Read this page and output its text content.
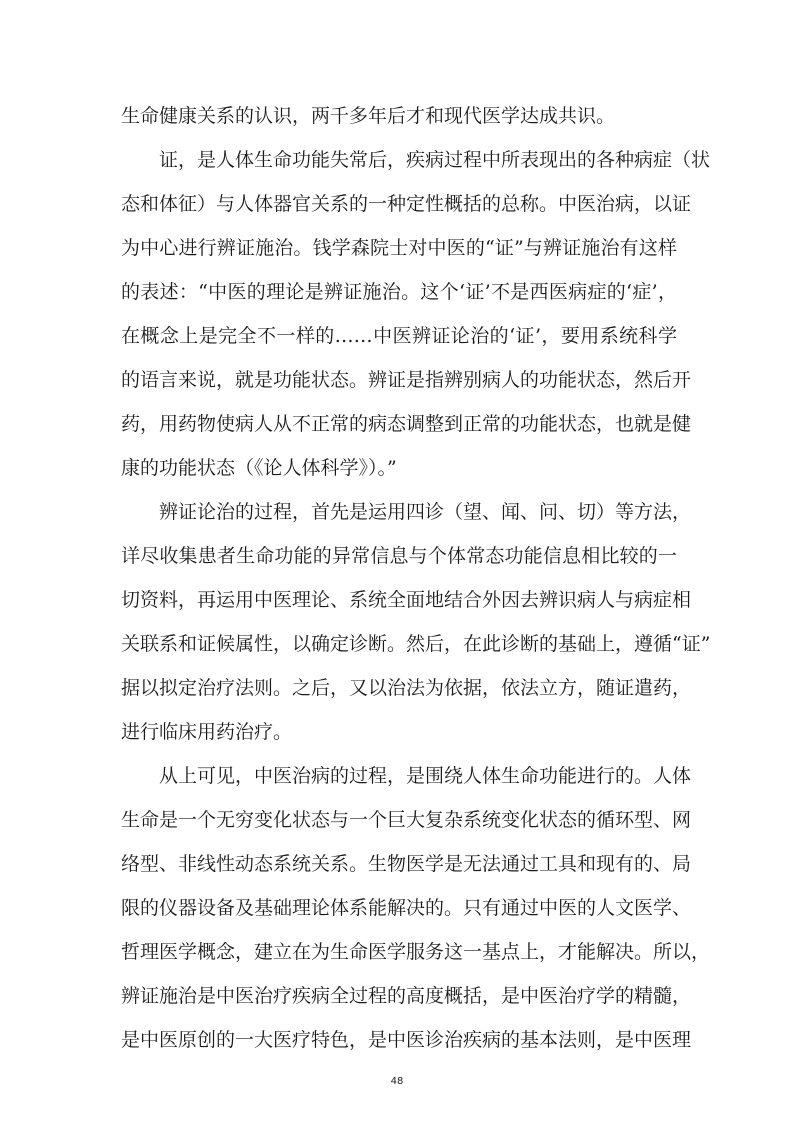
生命健康关系的认识，两千多年后才和现代医学达成共识。
证，是人体生命功能失常后，疾病过程中所表现出的各种病症（状
态和体征）与人体器官关系的一种定性概括的总称。中医治病，以证
为中心进行辨证施治。钱学森院士对中医的“证”与辨证施治有这样
的表述：“中医的理论是辨证施治。这个‘证’不是西医病症的‘症’，
在概念上是完全不一样的……中医辨证论治的‘证’，要用系统科学
的语言来说，就是功能状态。辨证是指辨别病人的功能状态，然后开
药，用药物使病人从不正常的病态调整到正常的功能状态，也就是健
康的功能状态（《论人体科学》）。”
辨证论治的过程，首先是运用四诊（望、闻、问、切）等方法，
详尽收集患者生命功能的异常信息与个体常态功能信息相比较的一
切资料，再运用中医理论、系统全面地结合外因去辨识病人与病症相
关联系和证候属性，以确定诊断。然后，在此诊断的基础上，遵循“证”
据以拟定治疗法则。之后，又以治法为依据，依法立方，随证遣药，
进行临床用药治疗。
从上可见，中医治病的过程，是围绕人体生命功能进行的。人体
生命是一个无穷变化状态与一个巨大复杂系统变化状态的循环型、网
络型、非线性动态系统关系。生物医学是无法通过工具和现有的、局
限的仪器设备及基础理论体系能解决的。只有通过中医的人文医学、
哲理医学概念，建立在为生命医学服务这一基点上，才能解决。所以，
辨证施治是中医治疗疾病全过程的高度概括，是中医治疗学的精髓，
是中医原创的一大医疗特色，是中医诊治疾病的基本法则，是中医理
48
